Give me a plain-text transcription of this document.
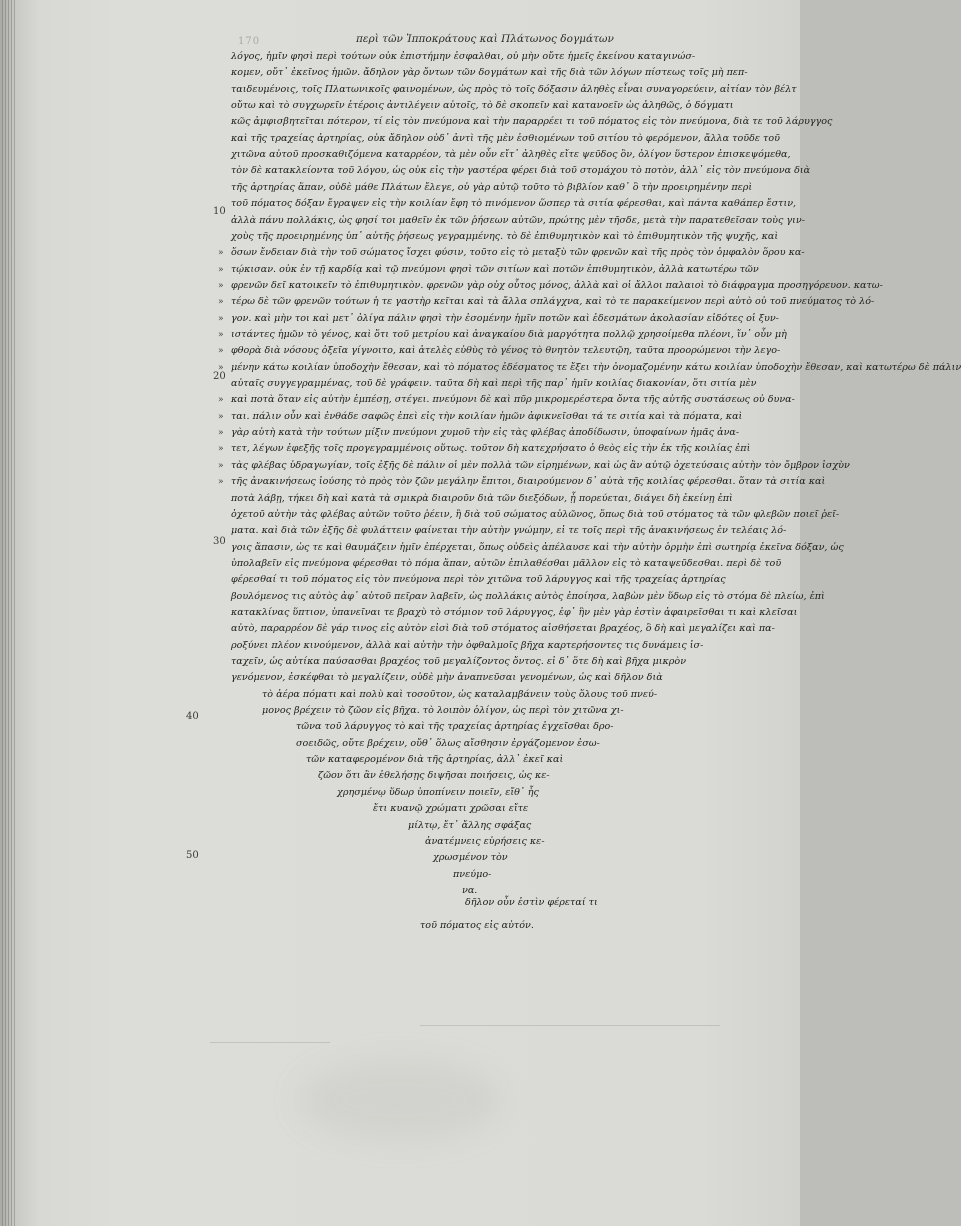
170	περὶ τῶν Ἱπποκράτους καὶ Πλάτωνος δογμάτων
λόγος, ἡμῖν φησὶ περὶ τούτων οὐκ ἐπιστήμην ἐσφαλθαι, οὐ μὴν οὔτε ἡμεῖς ἐκείνου καταγινώσ-
κομεν, οὔτ᾽ ἐκεῖνος ἡμῶν. ἄδηλον γὰρ ὄντων τῶν δογμάτων καὶ τῆς διὰ τῶν λόγων πίστεως τοῖς μὴ πεπ-
ταιδευμένοις, τοῖς Πλατωνικοῖς φαινομένων, ὡς πρὸς τὸ τοῖς δόξασιν ἀληθὲς εἶναι συναγορεύειν, αἰτίαν τὸν βέλτ
οὔτω καὶ τὸ συγχωρεῖν ἑτέροις ἀντιλέγειν αὐτοῖς, τὸ δὲ σκοπεῖν καὶ κατανοεῖν ὡς ἀληθῶς, ὁ δόγματι
κῶς ἀμφισβητεῖται πότερον, τί εἰς τὸν πνεύμονα καὶ τὴν παραρρέει τι τοῦ πόματος εἰς τὸν πνεύμονα, διὰ τε τοῦ λάρυγγος
καὶ τῆς τραχείας ἀρτηρίας, οὐκ ἄδηλον οὐδ᾽ ἀντὶ τῆς μὲν ἐσθιομένων τοῦ σιτίου τὸ φερόμενον, ἄλλα τοῦδε τοῦ
χιτῶνα αὐτοῦ προσκαθιζόμενα καταρρέον, τὰ μὲν οὖν εἴτ᾽ ἀληθὲς εἴτε ψεῦδος ὂν, ὀλίγον ὕστερον ἐπισκεψόμεθα,
τὸν δὲ κατακλείοντα τοῦ λόγου, ὡς οὐκ εἰς τὴν γαστέρα φέρει διὰ τοῦ στομάχου τὸ ποτὸν, ἀλλ᾽ εἰς τὸν πνεύμονα διὰ
τῆς ἀρτηρίας ἅπαν, οὐδὲ μάθε Πλάτων ἔλεγε, οὐ γὰρ αὐτῷ τοῦτο τὸ βιβλίον καθ᾽ ὃ τὴν προειρημένην περὶ
τοῦ πόματος δόξαν ἔγραψεν εἰς τὴν κοιλίαν ἔφη τὸ πινόμενον ὥσπερ τὰ σιτία φέρεσθαι, καὶ πάντα καθάπερ ἔστιν,
ἀλλὰ πάνυ πολλάκις, ὡς φησί τοι μαθεῖν ἐκ τῶν ῥήσεων αὐτῶν, πρώτης μὲν τῆσδε, μετὰ τὴν παρατεθεῖσαν τοὺς γιν-
χοὺς τῆς προειρημένης ὑπ᾽ αὐτῆς ῥήσεως γεγραμμένης. τὸ δὲ ἐπιθυμητικὸν καὶ τὸ ἐπιθυμητικὸν τῆς ψυχῆς, καὶ
ὅσων ἔνδειαν διὰ τὴν τοῦ σώματος ἴσχει φύσιν, τοῦτο εἰς τὸ μεταξὺ τῶν φρενῶν καὶ τῆς πρὸς τὸν ὀμφαλὸν ὅρου κα-
»
τῴκισαν. οὐκ ἐν τῇ καρδίᾳ καὶ τῷ πνεύμονι φησὶ τῶν σιτίων καὶ ποτῶν ἐπιθυμητικὸν, ἀλλὰ κατωτέρω τῶν
»
φρενῶν δεῖ κατοικεῖν τὸ ἐπιθυμητικὸν. φρενῶν γὰρ οὐχ οὗτος μόνος, ἀλλὰ καὶ οἱ ἄλλοι παλαιοὶ τὸ διάφραγμα προσηγόρευον. κατω-
»
τέρω δὲ τῶν φρενῶν τούτων ἡ τε γαστὴρ κεῖται καὶ τὰ ἄλλα σπλάγχνα, καὶ τὸ τε παρακείμενον περὶ αὐτὸ οὐ τοῦ πνεύματος τὸ λό-
»
γον. καὶ μὴν τοι καὶ μετ᾽ ὀλίγα πάλιν φησὶ τὴν ἐσομένην ἡμῖν ποτῶν καὶ ἐδεσμάτων ἀκολασίαν εἰδότες οἱ ξυν-
»
ιστάντες ἡμῶν τὸ γένος, καὶ ὅτι τοῦ μετρίου καὶ ἀναγκαίου διὰ μαργότητα πολλῷ χρησοίμεθα πλέονι, ἵν᾽ οὖν μὴ
»
φθορὰ διὰ νόσους ὀξεῖα γίγνοιτο, καὶ ἀτελὲς εὐθὺς τὸ γένος τὸ θνητὸν τελευτῷη, ταῦτα προορώμενοι τὴν λεγο-
»
μένην κάτω κοιλίαν ὑποδοχὴν ἔθεσαν, καὶ τὸ πόματος ἐδέσματος τε ἔξει τὴν ὀνομαζομένην κάτω κοιλίαν ὑποδοχὴν ἔθεσαν, καὶ κατωτέρω δὲ πάλιν
»
αὐταῖς συγγεγραμμένας, τοῦ δὲ γράφειν. ταῦτα δὴ καὶ περὶ τῆς παρ᾽ ἡμῖν κοιλίας διακονίαν, ὅτι σιτία μὲν
καὶ ποτὰ ὅταν εἰς αὐτὴν ἐμπέσῃ, στέγει. πνεύμονι δὲ καὶ πῦρ μικρομερέστερα ὄντα τῆς αὐτῆς συστάσεως οὐ δυνα-
»
ται. πάλιν οὖν καὶ ἐνθάδε σαφῶς ἐπεὶ εἰς τὴν κοιλίαν ἡμῶν ἀφικνεῖσθαι τά τε σιτία καὶ τὰ πόματα, καὶ
»
γὰρ αὐτὴ κατὰ τὴν τούτων μίξιν πνεύμονι χυμοῦ τὴν εἰς τὰς φλέβας ἀποδίδωσιν, ὑποφαίνων ἡμᾶς ἀνα-
»
τετ, λέγων ἐφεξῆς τοῖς προγεγραμμένοις οὕτως. τοῦτον δὴ κατεχρήσατο ὁ θεὸς εἰς τὴν ἐκ τῆς κοιλίας ἐπὶ
»
τὰς φλέβας ὑδραγωγίαν, τοῖς ἐξῆς δὲ πάλιν οἱ μὲν πολλὰ τῶν εἰρημένων, καὶ ὡς ἂν αὐτῷ ὀχετεύσαις αὐτὴν τὸν ὄμβρον ἰσχὺν
»
τῆς ἀνακινήσεως ἰούσης τὸ πρὸς τὸν ζῶν μεγάλην ἔπιτοι, διαιρούμενον δ᾽ αὐτὰ τῆς κοιλίας φέρεσθαι. ὅταν τὰ σιτία καὶ
»
ποτὰ λάβῃ, τήκει δὴ καὶ κατὰ τὰ σμικρὰ διαιροῦν διὰ τῶν διεξόδων, ᾗ πορεύεται, διάγει δὴ ἐκείνῃ ἐπὶ
ὀχετοῦ αὐτὴν τὰς φλέβας αὐτῶν τοῦτο ῥέειν, ἢ διὰ τοῦ σώματος αὐλῶνος, ὅπως διὰ τοῦ στόματος τὰ τῶν φλεβῶν ποιεῖ ῥεῖ-
ματα. καὶ διὰ τῶν ἐξῆς δὲ φυλάττειν φαίνεται τὴν αὐτὴν γνώμην, εἰ τε τοῖς περὶ τῆς ἀνακινήσεως ἐν τελέαις λό-
γοις ἅπασιν, ὡς τε καὶ θαυμάζειν ἡμῖν ἐπέρχεται, ὅπως οὐδεὶς ἀπέλαυσε καὶ τὴν αὐτὴν ὁρμὴν ἐπὶ σωτηρίᾳ ἐκεῖνα δόξαν, ὡς
ὑπολαβεῖν εἰς πνεύμονα φέρεσθαι τὸ πόμα ἅπαν, αὐτῶν ἐπιλαθέσθαι μᾶλλον εἰς τὸ καταψεῦδεσθαι. περὶ δὲ τοῦ
φέρεσθαί τι τοῦ πόματος εἰς τὸν πνεύμονα περὶ τὸν χιτῶνα τοῦ λάρυγγος καὶ τῆς τραχείας ἀρτηρίας
βουλόμενος τις αὐτὸς ἀφ᾽ αὑτοῦ πεῖραν λαβεῖν, ὡς πολλάκις αὐτὸς ἐποίησα, λαβὼν μὲν ὕδωρ εἰς τὸ στόμα δὲ πλείω, ἐπὶ
κατακλίνας ὕπτιον, ὑπανεῖναι τε βραχὺ τὸ στόμιον τοῦ λάρυγγος, ἐφ᾽ ἣν μὲν γὰρ ἐστὶν ἀφαιρεῖσθαι τι καὶ κλεῖσαι
αὐτὸ, παραρρέον δὲ γάρ τινος εἰς αὐτὸν εἰσὶ διὰ τοῦ στόματος αἰσθήσεται βραχέος, ὃ δὴ καὶ μεγαλίζει καὶ πα-
ροξύνει πλέον κινούμενον, ἀλλὰ καὶ αὐτὴν τὴν ὀφθαλμοῖς βῆχα καρτερήσοντες τις δυνάμεις ἰσ-
ταχεῖν, ὡς αὐτίκα παύσασθαι βραχέος τοῦ μεγαλίζοντος ὄντος. εἰ δ᾽ ὅτε δὴ καὶ βῆχα μικρὸν
γενόμενον, ἐσκέφθαι τὸ μεγαλίζειν, οὐδὲ μὴν ἀναπνεῦσαι γενομένων, ὡς καὶ δῆλον διὰ
τὸ ἀέρα πόματι καὶ πολὺ καὶ τοσοῦτον, ὡς καταλαμβάνειν τοὺς ὅλους τοῦ πνεύ-
μονος βρέχειν τὸ ζῶον εἰς βῆχα. τὸ λοιπὸν ὁλίγον, ὡς περὶ τὸν χιτῶνα χι-
τῶνα τοῦ λάρυγγος τὸ καὶ τῆς τραχείας ἀρτηρίας ἐγχεῖσθαι δρο-
σοειδῶς, οὔτε βρέχειν, οὔθ᾽ ὅλως αἴσθησιν ἐργάζομενον ἐσω-
τῶν καταφερομένον διὰ τῆς ἀρτηρίας, ἀλλ᾽ ἐκεῖ καὶ
ζῶον ὅτι ἂν ἐθελήσῃς διψῆσαι ποιήσεις, ὡς κε-
χρησμένῳ ὕδωρ ὑποπίνειν ποιεῖν, εἴθ᾽ ἧς
ἔτι κυανῷ χρώματι χρῶσαι εἴτε
μίλτῳ, ἔτ᾽ ἄλλης σφάξας
ἀνατέμνεις εὑρήσεις κε-
χρωσμένον τὸν
πνεύμο-
να.
δῆλον οὖν ἐστὶν φέρεταί τι
τοῦ πόματος εἰς αὐτόν.
10
20
30
40
50
